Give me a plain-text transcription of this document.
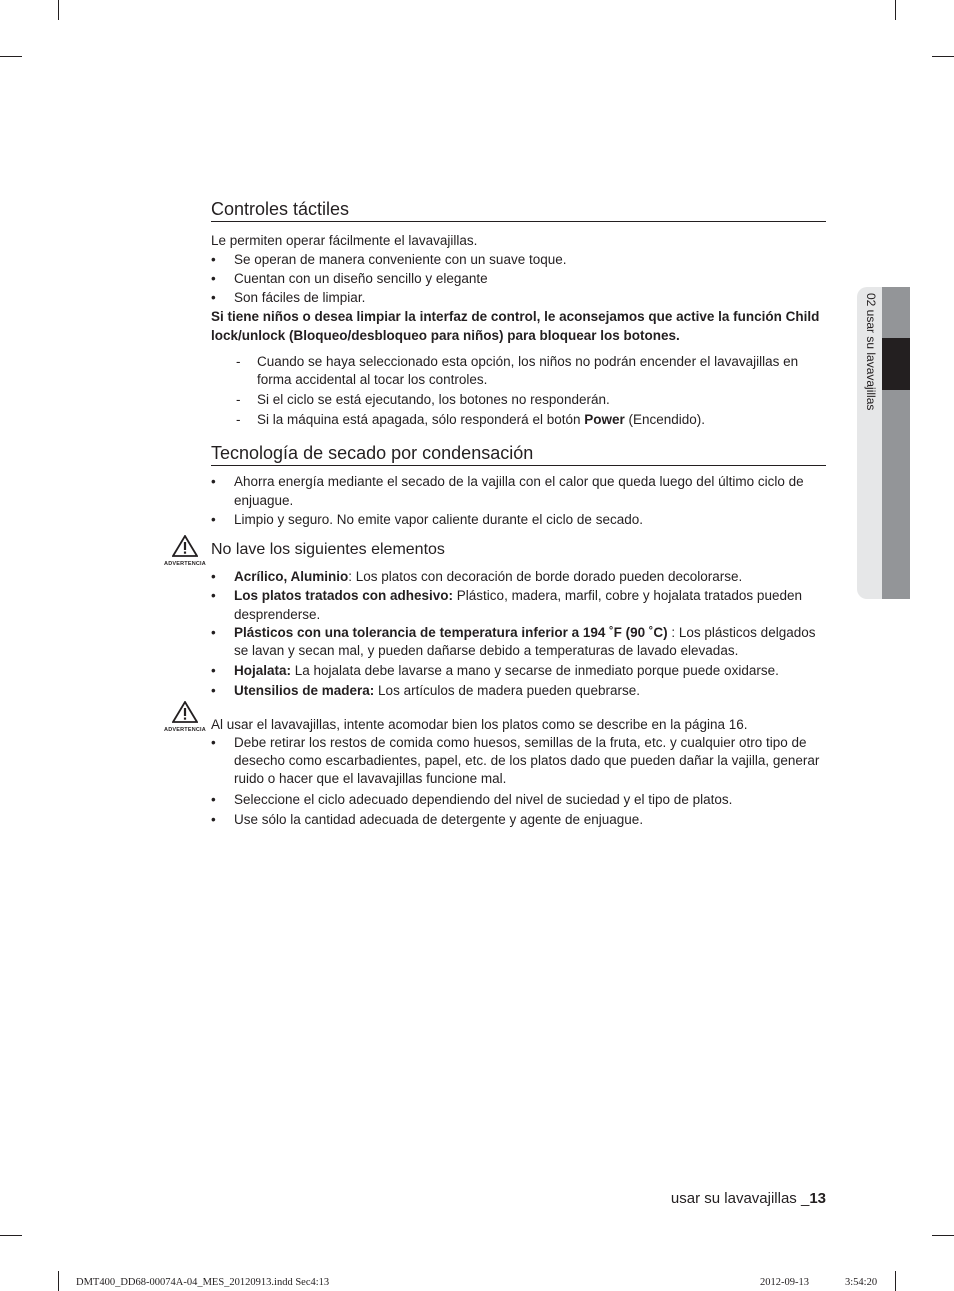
02 usar su lavavajillas
Controles táctiles

Le permiten operar fácilmente el lavavajillas.

• Se operan de manera conveniente con un suave toque.
• Cuentan con un diseño sencillo y elegante
• Son fáciles de limpiar.

Si tiene niños o desea limpiar la interfaz de control, le aconsejamos que active la función Child lock/unlock (Bloqueo/desbloqueo para niños) para bloquear los botones.

- Cuando se haya seleccionado esta opción, los niños no podrán encender el lavavajillas en forma accidental al tocar los controles.
- Si el ciclo se está ejecutando, los botones no responderán.
- Si la máquina está apagada, sólo responderá el botón Power (Encendido).
Tecnología de secado por condensación
• Ahorra energía mediante el secado de la vajilla con el calor que queda luego del último ciclo de enjuague.
• Limpio y seguro. No emite vapor caliente durante el ciclo de secado.
ADVERTENCIA

No lave los siguientes elementos

• Acrílico, Aluminio: Los platos con decoración de borde dorado pueden decolorarse.
• Los platos tratados con adhesivo: Plástico, madera, marfil, cobre y hojalata tratados pueden desprenderse.
• Plásticos con una tolerancia de temperatura inferior a 194 ˚F (90 ˚C) : Los plásticos delgados se lavan y secan mal, y pueden dañarse debido a temperaturas de lavado elevadas.
• Hojalata: La hojalata debe lavarse a mano y secarse de inmediato porque puede oxidarse.
• Utensilios de madera: Los artículos de madera pueden quebrarse.
ADVERTENCIA Al usar el lavavajillas, intente acomodar bien los platos como se describe en la página 16.

• Debe retirar los restos de comida como huesos, semillas de la fruta, etc. y cualquier otro tipo de desecho como escarbadientes, papel, etc. de los platos dado que pueden dañar la vajilla, generar ruido o hacer que el lavavajillas funcione mal.
• Seleccione el ciclo adecuado dependiendo del nivel de suciedad y el tipo de platos.
• Use sólo la cantidad adecuada de detergente y agente de enjuague.
usar su lavavajillas _13
DMT400_DD68-00074A-04_MES_20120913.indd Sec4:13	2012-09-13	3:54:20
